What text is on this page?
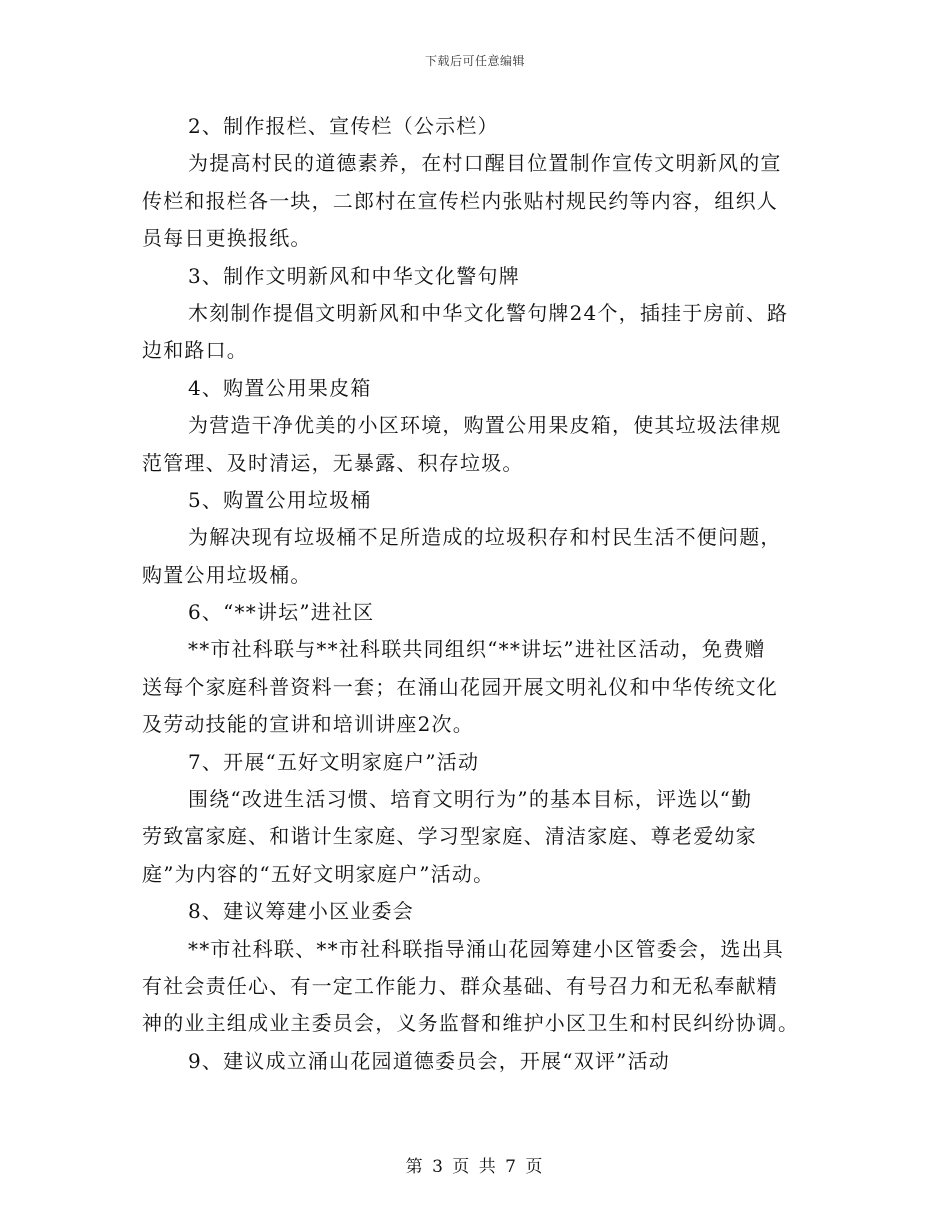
下载后可任意编辑
2、制作报栏、宣传栏（公示栏）
为提高村民的道德素养，在村口醒目位置制作宣传文明新风的宣
传栏和报栏各一块，二郎村在宣传栏内张贴村规民约等内容，组织人
员每日更换报纸。
3、制作文明新风和中华文化警句牌
木刻制作提倡文明新风和中华文化警句牌24个，插挂于房前、路
边和路口。
4、购置公用果皮箱
为营造干净优美的小区环境，购置公用果皮箱，使其垃圾法律规
范管理、及时清运，无暴露、积存垃圾。
5、购置公用垃圾桶
为解决现有垃圾桶不足所造成的垃圾积存和村民生活不便问题，
购置公用垃圾桶。
6、“**讲坛”进社区
**市社科联与**社科联共同组织“**讲坛”进社区活动，免费赠
送每个家庭科普资料一套；在涌山花园开展文明礼仪和中华传统文化
及劳动技能的宣讲和培训讲座2次。
7、开展“五好文明家庭户”活动
围绕“改进生活习惯、培育文明行为”的基本目标，评选以“勤
劳致富家庭、和谐计生家庭、学习型家庭、清洁家庭、尊老爱幼家
庭”为内容的“五好文明家庭户”活动。
8、建议筹建小区业委会
**市社科联、**市社科联指导涌山花园筹建小区管委会，选出具
有社会责任心、有一定工作能力、群众基础、有号召力和无私奉献精
神的业主组成业主委员会，义务监督和维护小区卫生和村民纠纷协调。
9、建议成立涌山花园道德委员会，开展“双评”活动
第 3 页 共 7 页
